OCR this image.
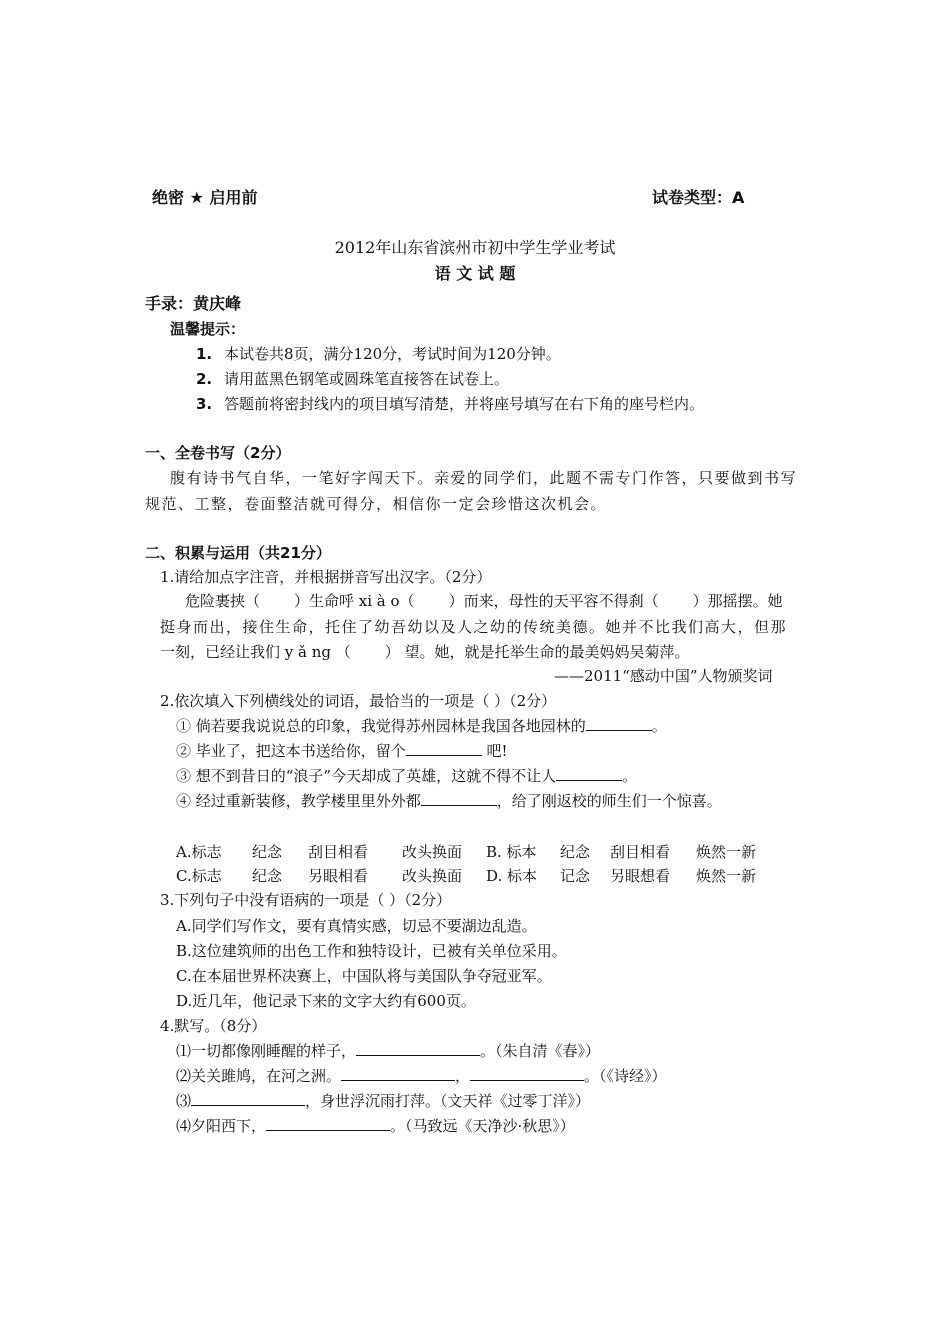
绝密 ★ 启用前	试卷类型：A
2012年山东省滨州市初中学生学业考试
语 文 试 题
手录：黄庆峰
温馨提示：
1. 本试卷共8页，满分120分，考试时间为120分钟。
2. 请用蓝黑色钢笔或圆珠笔直接答在试卷上。
3. 答题前将密封线内的项目填写清楚，并将座号填写在右下角的座号栏内。
一、全卷书写（2分）
腹有诗书气自华，一笔好字闯天下。亲爱的同学们，此题不需专门作答，只要做到书写
规范、工整，卷面整洁就可得分，相信你一定会珍惜这次机会。
二、积累与运用（共21分）
1.请给加点字注音，并根据拼音写出汉字。（2分）
危险裹挟（ ）生命呼 xi à o（ ）而来，母性的天平容不得刹（ ）那摇摆。她
挺身而出，接住生命，托住了幼吾幼以及人之幼的传统美德。她并不比我们高大，但那
一刻，已经让我们 y ǎ ng （ ） 望。她，就是托举生命的最美妈妈吴菊萍。
——2011“感动中国”人物颁奖词
2.依次填入下列横线处的词语，最恰当的一项是（ ）（2分）
① 倘若要我说说总的印象，我觉得苏州园林是我国各地园林的	。
② 毕业了，把这本书送给你，留个	吧!
③ 想不到昔日的“浪子”今天却成了英雄，这就不得不让人	。
④ 经过重新装修，教学楼里里外外都	，给了刚返校的师生们一个惊喜。
A.标志 纪念 刮目相看 改头换面 B. 标本 纪念 刮目相看 焕然一新
C.标志 纪念 另眼相看 改头换面 D. 标本 记念 另眼想看 焕然一新
3.下列句子中没有语病的一项是（ ）（2分）
A.同学们写作文，要有真情实感，切忌不要湖边乱造。
B.这位建筑师的出色工作和独特设计，已被有关单位采用。
C.在本届世界杯决赛上，中国队将与美国队争夺冠亚军。
D.近几年，他记录下来的文字大约有600页。
4.默写。（8分）
⑴一切都像刚睡醒的样子，	。（朱自清《春》）
⑵关关雎鸠，在河之洲。	，	。（《诗经》）
⑶	，身世浮沉雨打萍。（文天祥《过零丁洋》）
⑷夕阳西下，	。（马致远《天净沙·秋思》）
